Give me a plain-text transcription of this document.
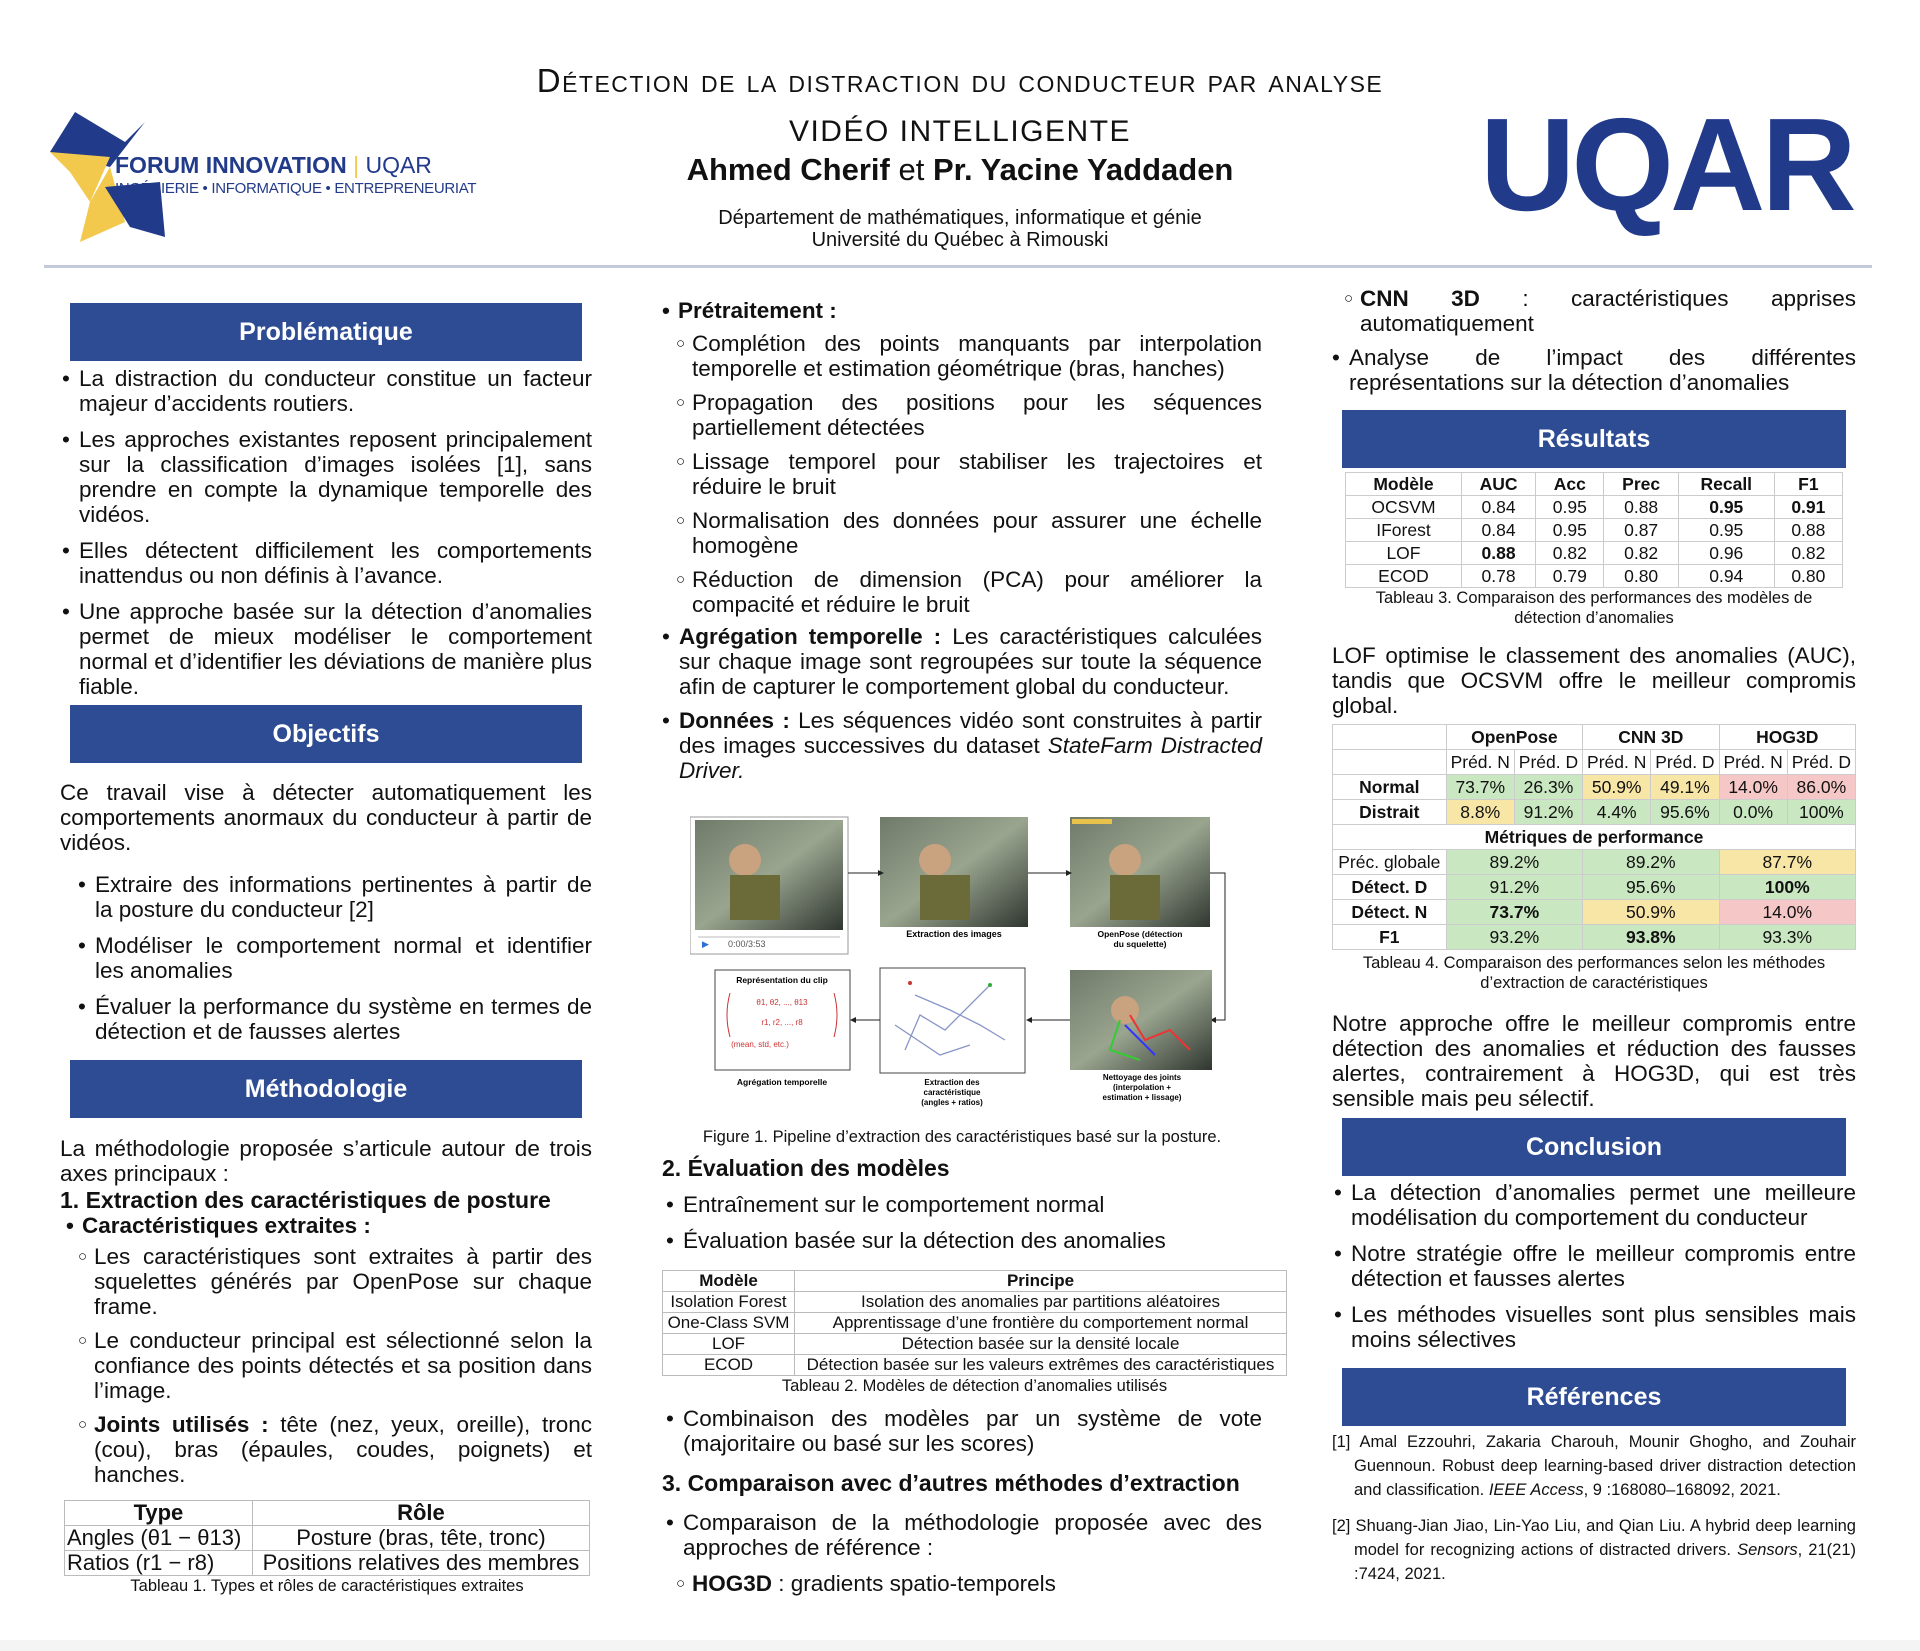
FORUM INNOVATION | UQAR
INGÉNIERIE • INFORMATIQUE • ENTREPRENEURIAT
Détection de la distraction du conducteur par analyse
VIDÉO INTELLIGENTE
Ahmed Cherif et Pr. Yacine Yaddaden
Département de mathématiques, informatique et génie
Université du Québec à Rimouski
UQAR
Problématique
• La distraction du conducteur constitue un facteur majeur d’accidents routiers.
• Les approches existantes reposent principalement sur la classification d’images isolées [1], sans prendre en compte la dynamique temporelle des vidéos.
• Elles détectent difficilement les comportements inattendus ou non définis à l’avance.
• Une approche basée sur la détection d’anomalies permet de mieux modéliser le comportement normal et d’identifier les déviations de manière plus fiable.
Objectifs
Ce travail vise à détecter automatiquement les comportements anormaux du conducteur à partir de vidéos.
• Extraire des informations pertinentes à partir de la posture du conducteur [2]
• Modéliser le comportement normal et identifier les anomalies
• Évaluer la performance du système en termes de détection et de fausses alertes
Méthodologie
La méthodologie proposée s’articule autour de trois axes principaux :
1. Extraction des caractéristiques de posture
• Caractéristiques extraites :
○ Les caractéristiques sont extraites à partir des squelettes générés par OpenPose sur chaque frame.
○ Le conducteur principal est sélectionné selon la confiance des points détectés et sa position dans l’image.
○ Joints utilisés : tête (nez, yeux, oreille), tronc (cou), bras (épaules, coudes, poignets) et hanches.
Type	Rôle
Angles (θ1 − θ13)	Posture (bras, tête, tronc)
Ratios (r1 − r8)	Positions relatives des membres
Tableau 1. Types et rôles de caractéristiques extraites
• Prétraitement :
○ Complétion des points manquants par interpolation temporelle et estimation géométrique (bras, hanches)
○ Propagation des positions pour les séquences partiellement détectées
○ Lissage temporel pour stabiliser les trajectoires et réduire le bruit
○ Normalisation des données pour assurer une échelle homogène
○ Réduction de dimension (PCA) pour améliorer la compacité et réduire le bruit
• Agrégation temporelle : Les caractéristiques calculées sur chaque image sont regroupées sur toute la séquence afin de capturer le comportement global du conducteur.
• Données : Les séquences vidéo sont construites à partir des images successives du dataset StateFarm Distracted Driver.
▶ 0:00/3:53
Extraction des images	OpenPose (détection
du squelette)
Représentation du clip
θ1, θ2, ..., θ13
r1, r2, ..., r8
(mean, std, etc.)
Agrégation temporelle	Extraction des
caractéristique
(angles + ratios)
Nettoyage des joints
(interpolation +
estimation + lissage)
Figure 1. Pipeline d’extraction des caractéristiques basé sur la posture.
2. Évaluation des modèles
• Entraînement sur le comportement normal
• Évaluation basée sur la détection des anomalies
Modèle	Principe
Isolation Forest	Isolation des anomalies par partitions aléatoires
One-Class SVM	Apprentissage d’une frontière du comportement normal
LOF	Détection basée sur la densité locale
ECOD	Détection basée sur les valeurs extrêmes des caractéristiques
Tableau 2. Modèles de détection d’anomalies utilisés
• Combinaison des modèles par un système de vote (majoritaire ou basé sur les scores)
3. Comparaison avec d’autres méthodes d’extraction
• Comparaison de la méthodologie proposée avec des approches de référence :
○ HOG3D : gradients spatio-temporels
○ CNN 3D : caractéristiques apprises automatiquement
• Analyse de l’impact des différentes représentations sur la détection d’anomalies
Résultats
Modèle	AUC	Acc	Prec	Recall	F1
OCSVM	0.84	0.95	0.88	0.95	0.91
IForest	0.84	0.95	0.87	0.95	0.88
LOF	0.88	0.82	0.82	0.96	0.82
ECOD	0.78	0.79	0.80	0.94	0.80
Tableau 3. Comparaison des performances des modèles de détection d’anomalies
LOF optimise le classement des anomalies (AUC), tandis que OCSVM offre le meilleur compromis global.
	OpenPose		CNN 3D		HOG3D	
	Préd. N	Préd. D	Préd. N	Préd. D	Préd. N	Préd. D
Normal	73.7%	26.3%	50.9%	49.1%	14.0%	86.0%
Distrait	8.8%	91.2%	4.4%	95.6%	0.0%	100%
Métriques de performance						
Préc. globale	89.2%		89.2%		87.7%	
Détect. D	91.2%		95.6%		100%	
Détect. N	73.7%		50.9%		14.0%	
F1	93.2%		93.8%		93.3%	
Tableau 4. Comparaison des performances selon les méthodes d’extraction de caractéristiques
Notre approche offre le meilleur compromis entre détection des anomalies et réduction des fausses alertes, contrairement à HOG3D, qui est très sensible mais peu sélectif.
Conclusion
• La détection d’anomalies permet une meilleure modélisation du comportement du conducteur
• Notre stratégie offre le meilleur compromis entre détection et fausses alertes
• Les méthodes visuelles sont plus sensibles mais moins sélectives
Références

[1] Amal Ezzouhri, Zakaria Charouh, Mounir Ghogho, and Zouhair Guennoun. Robust deep learning-based driver distraction detection and classification. IEEE Access, 9 :168080–168092, 2021.

[2] Shuang-Jian Jiao, Lin-Yao Liu, and Qian Liu. A hybrid deep learning model for recognizing actions of distracted drivers. Sensors, 21(21) :7424, 2021.
